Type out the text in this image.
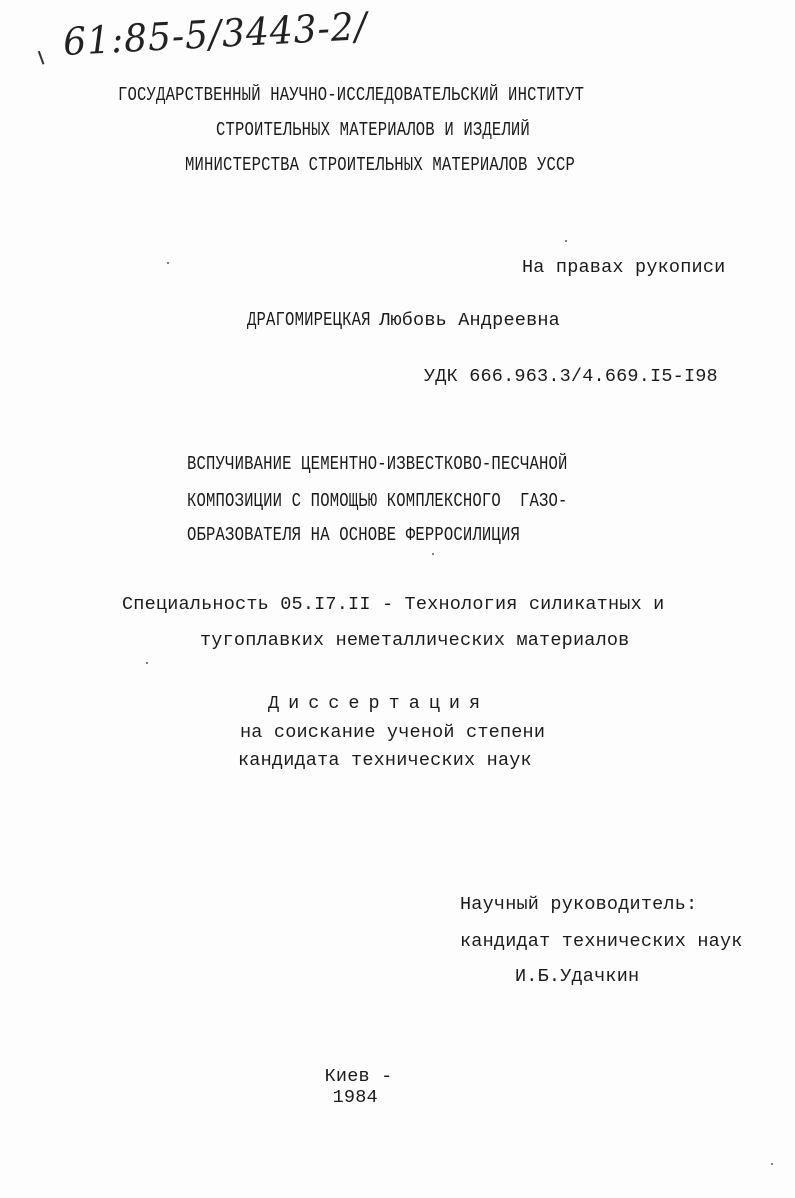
61:85-5/3443-2/
ГОСУДАРСТВЕННЫЙ НАУЧНО-ИССЛЕДОВАТЕЛЬСКИЙ ИНСТИТУТ
СТРОИТЕЛЬНЫХ МАТЕРИАЛОВ И ИЗДЕЛИЙ
МИНИСТЕРСТВА СТРОИТЕЛЬНЫХ МАТЕРИАЛОВ УССР
На правах рукописи
ДРАГОМИРЕЦКАЯ Любовь Андреевна
УДК 666.963.3/4.669.I5-I98
ВСПУЧИВАНИЕ ЦЕМЕНТНО-ИЗВЕСТКОВО-ПЕСЧАНОЙ
КОМПОЗИЦИИ С ПОМОЩЬЮ КОМПЛЕКСНОГО  ГАЗО-
ОБРАЗОВАТЕЛЯ НА ОСНОВЕ ФЕРРОСИЛИЦИЯ
Специальность 05.I7.II - Технология силикатных и
тугоплавких неметаллических материалов
Диссертация
на соискание ученой степени
кандидата технических наук
Научный руководитель:
кандидат технических наук
И.Б.Удачкин

Киев -
1984
